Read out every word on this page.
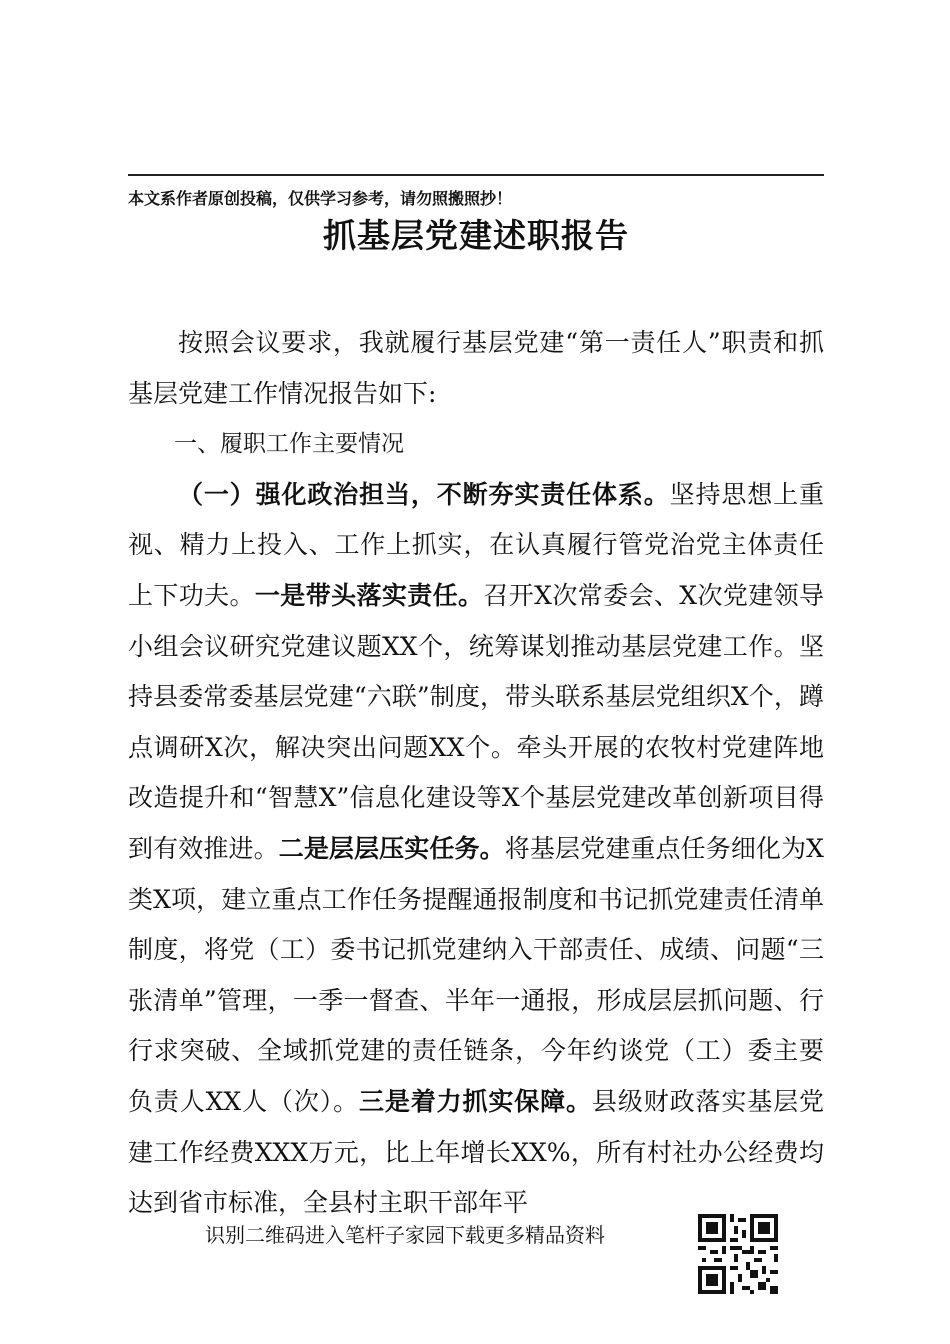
本文系作者原创投稿，仅供学习参考，请勿照搬照抄！
抓基层党建述职报告

按照会议要求，我就履行基层党建“第一责任人”职责和抓基层党建工作情况报告如下:

一、履职工作主要情况

（一）强化政治担当，不断夯实责任体系。坚持思想上重视、精力上投入、工作上抓实，在认真履行管党治党主体责任上下功夫。一是带头落实责任。召开X次常委会、X次党建领导小组会议研究党建议题XX个，统筹谋划推动基层党建工作。坚持县委常委基层党建“六联”制度，带头联系基层党组织X个，蹲点调研X次，解决突出问题XX个。牵头开展的农牧村党建阵地改造提升和“智慧X”信息化建设等X个基层党建改革创新项目得到有效推进。二是层层压实任务。将基层党建重点任务细化为X类X项，建立重点工作任务提醒通报制度和书记抓党建责任清单制度，将党（工）委书记抓党建纳入干部责任、成绩、问题“三张清单”管理，一季一督查、半年一通报，形成层层抓问题、行行求突破、全域抓党建的责任链条，今年约谈党（工）委主要负责人XX人（次）。三是着力抓实保障。县级财政落实基层党建工作经费XXX万元，比上年增长XX%，所有村社办公经费均达到省市标准，全县村主职干部年平

识别二维码进入笔杆子家园下载更多精品资料
